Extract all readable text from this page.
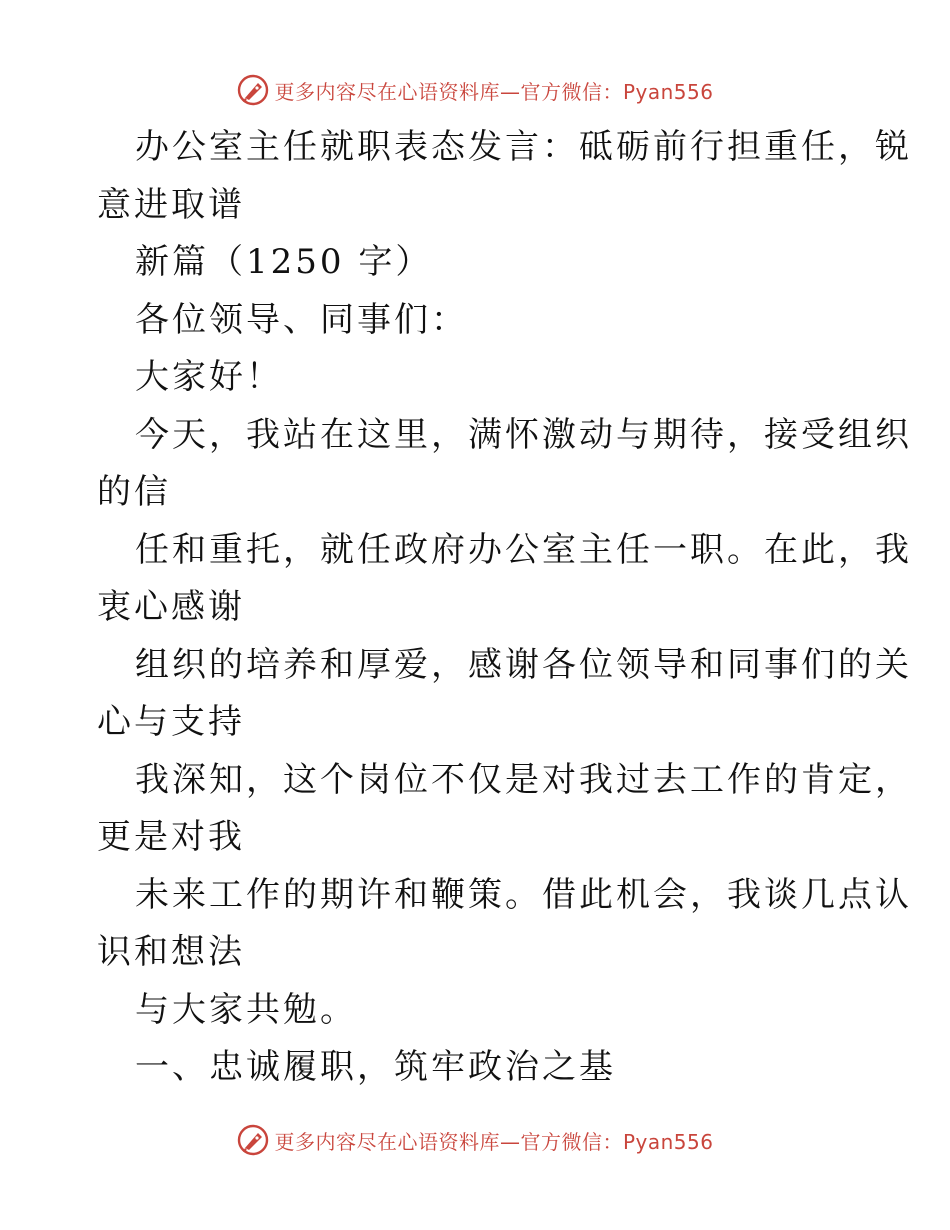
更多内容尽在心语资料库—官方微信：Pyan556
办公室主任就职表态发言：砥砺前行担重任，锐
意进取谱
新篇（1250 字）
各位领导、同事们：
大家好！
今天，我站在这里，满怀激动与期待，接受组织
的信
任和重托，就任政府办公室主任一职。在此，我
衷心感谢
组织的培养和厚爱，感谢各位领导和同事们的关
心与支持
我深知，这个岗位不仅是对我过去工作的肯定，
更是对我
未来工作的期许和鞭策。借此机会，我谈几点认
识和想法
与大家共勉。
一、忠诚履职，筑牢政治之基
更多内容尽在心语资料库—官方微信：Pyan556
